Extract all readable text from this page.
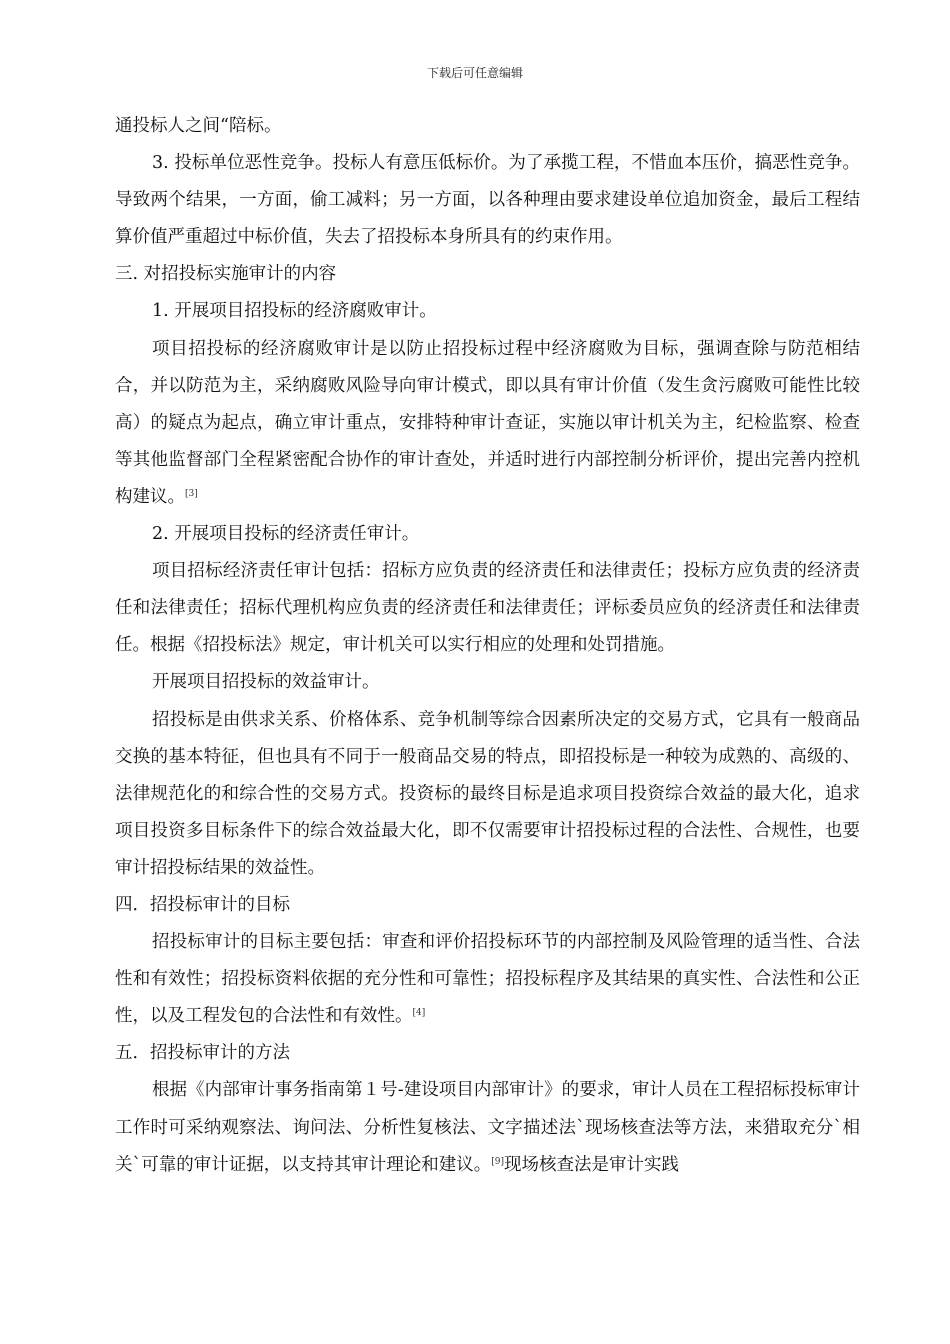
下载后可任意编辑

通投标人之间“陪标。

3. 投标单位恶性竞争。投标人有意压低标价。为了承揽工程，不惜血本压价，搞恶性竞争。导致两个结果，一方面，偷工减料；另一方面，以各种理由要求建设单位追加资金，最后工程结算价值严重超过中标价值，失去了招投标本身所具有的约束作用。

三. 对招投标实施审计的内容

1. 开展项目招投标的经济腐败审计。

项目招投标的经济腐败审计是以防止招投标过程中经济腐败为目标，强调查除与防范相结合，并以防范为主，采纳腐败风险导向审计模式，即以具有审计价值（发生贪污腐败可能性比较高）的疑点为起点，确立审计重点，安排特种审计查证，实施以审计机关为主，纪检监察、检查等其他监督部门全程紧密配合协作的审计查处，并适时进行内部控制分析评价，提出完善内控机构建议。[3]

2. 开展项目投标的经济责任审计。

项目招标经济责任审计包括：招标方应负责的经济责任和法律责任；投标方应负责的经济责任和法律责任；招标代理机构应负责的经济责任和法律责任；评标委员应负的经济责任和法律责任。根据《招投标法》规定，审计机关可以实行相应的处理和处罚措施。

开展项目招投标的效益审计。

招投标是由供求关系、价格体系、竞争机制等综合因素所决定的交易方式，它具有一般商品交换的基本特征，但也具有不同于一般商品交易的特点，即招投标是一种较为成熟的、高级的、法律规范化的和综合性的交易方式。投资标的最终目标是追求项目投资综合效益的最大化，追求项目投资多目标条件下的综合效益最大化，即不仅需要审计招投标过程的合法性、合规性，也要审计招投标结果的效益性。

四．招投标审计的目标

招投标审计的目标主要包括：审查和评价招投标环节的内部控制及风险管理的适当性、合法性和有效性；招投标资料依据的充分性和可靠性；招投标程序及其结果的真实性、合法性和公正性，以及工程发包的合法性和有效性。[4]

五．招投标审计的方法

根据《内部审计事务指南第１号-建设项目内部审计》的要求，审计人员在工程招标投标审计工作时可采纳观察法、询问法、分析性复核法、文字描述法`现场核查法等方法，来猎取充分`相关`可靠的审计证据，以支持其审计理论和建议。[9]现场核查法是审计实践
